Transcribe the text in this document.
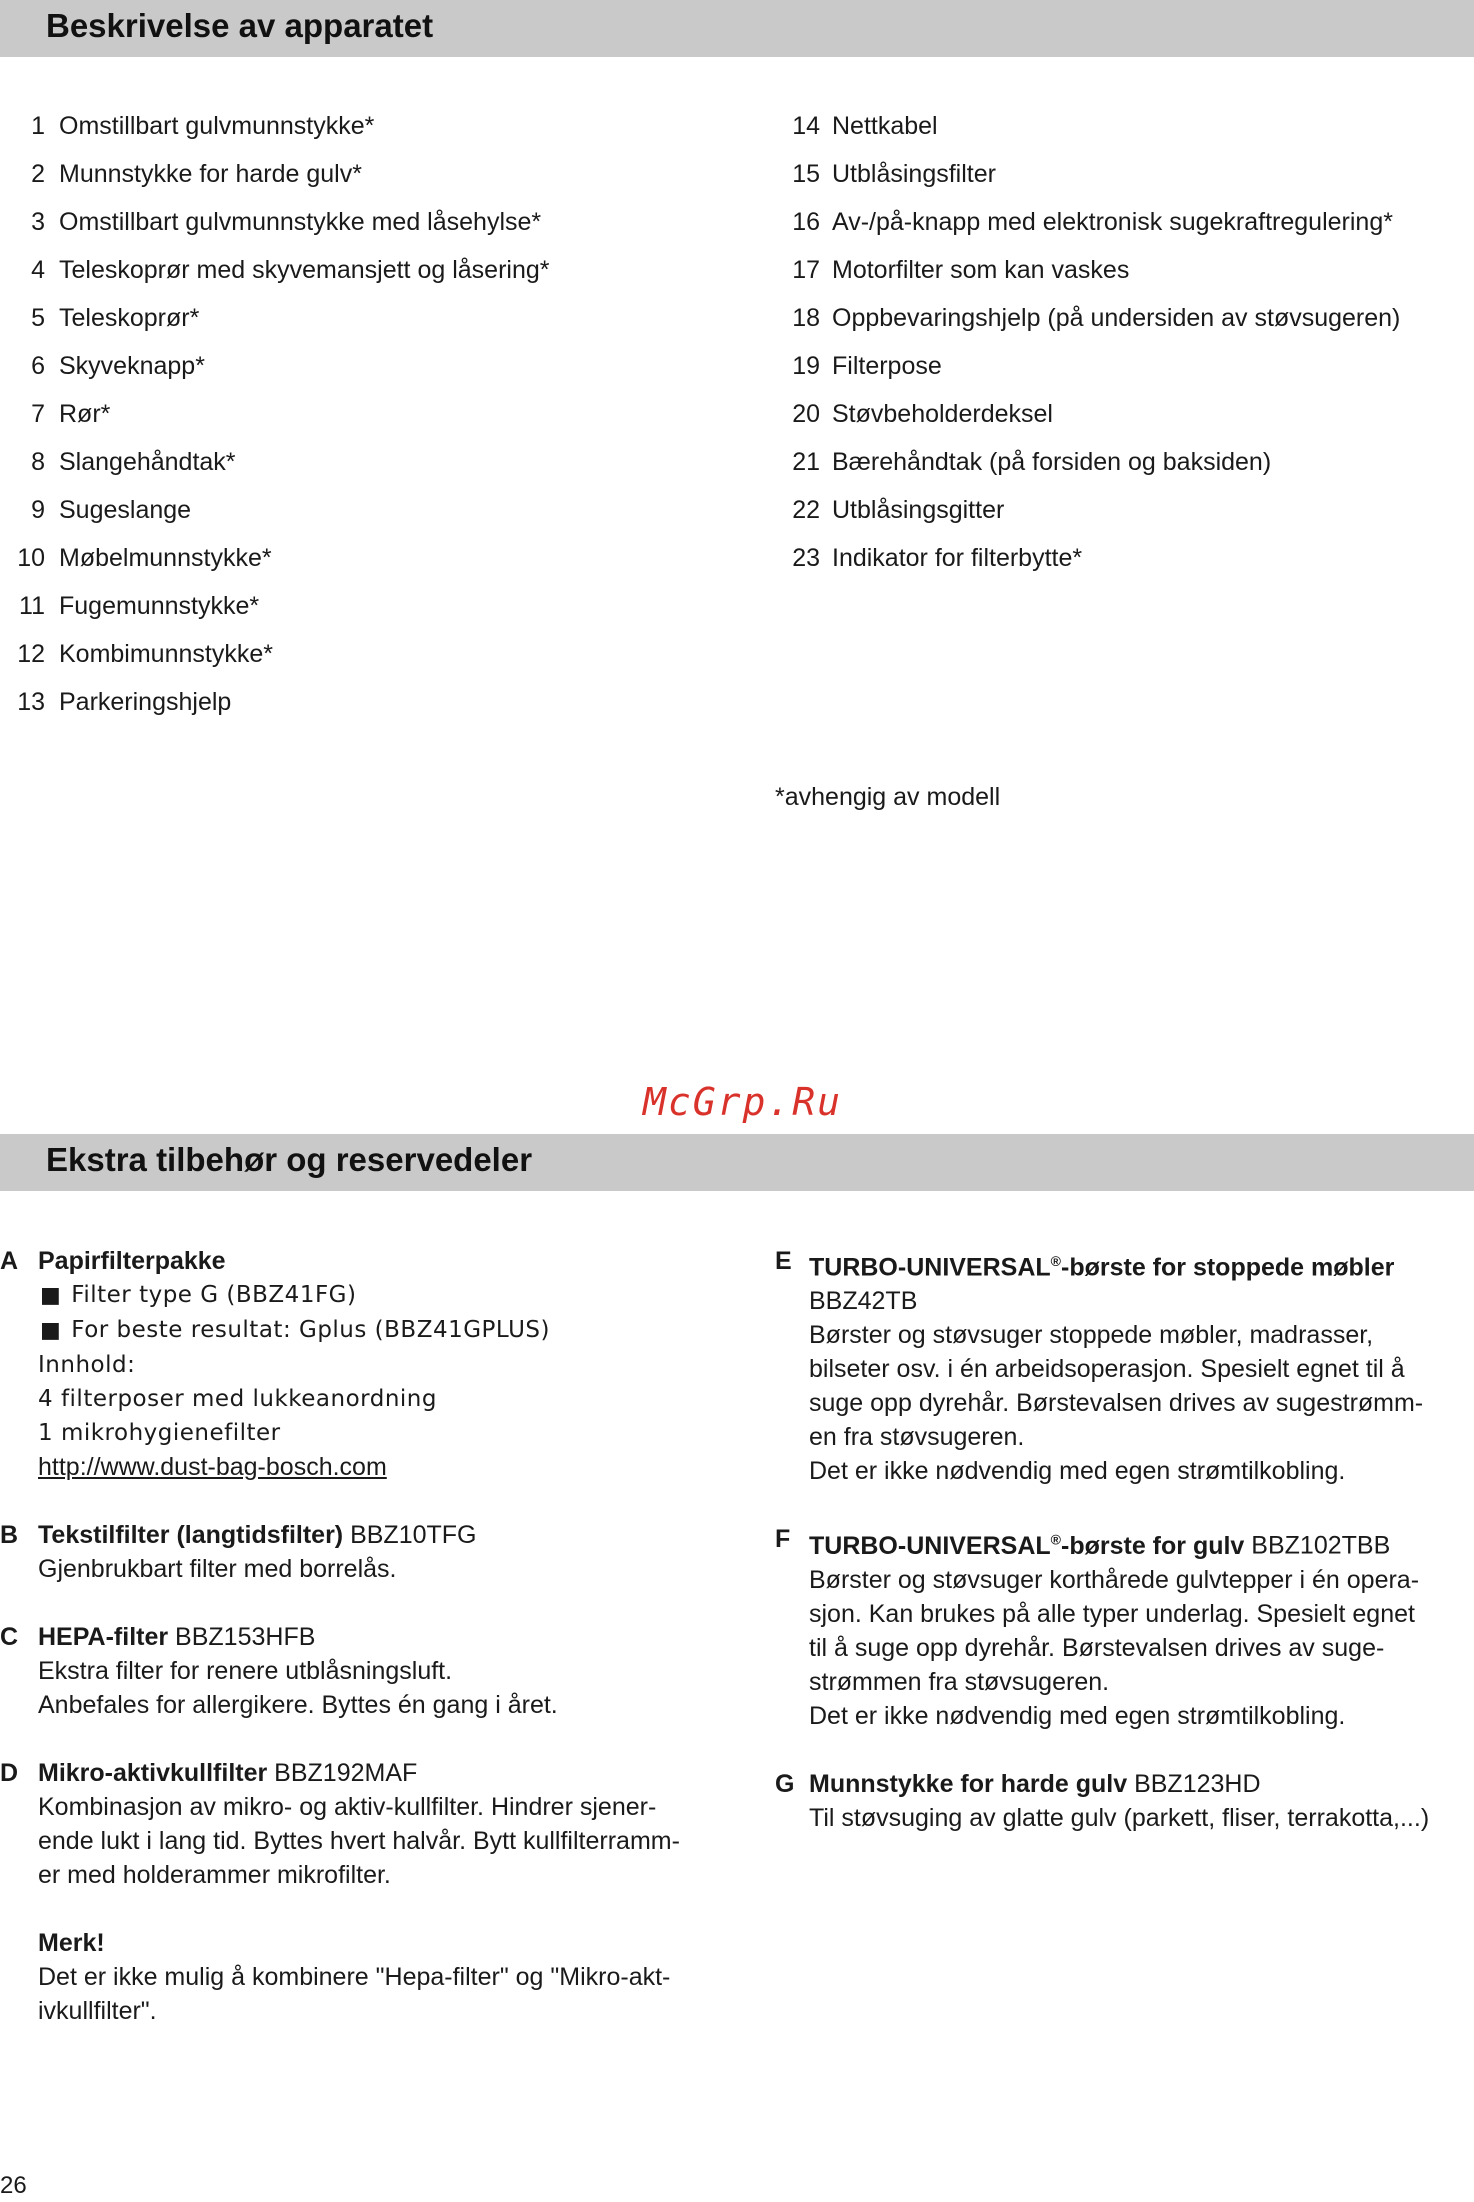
Beskrivelse av apparatet
1 Omstillbart gulvmunnstykke*
2 Munnstykke for harde gulv*
3 Omstillbart gulvmunnstykke med låsehylse*
4 Teleskoprør med skyvemansjett og låsering*
5 Teleskoprør*
6 Skyveknapp*
7 Rør*
8 Slangehåndtak*
9 Sugeslange
10 Møbelmunnstykke*
11 Fugemunnstykke*
12 Kombimunnstykke*
13 Parkeringshjelp
14 Nettkabel
15 Utblåsingsfilter
16 Av-/på-knapp med elektronisk sugekraftregulering*
17 Motorfilter som kan vaskes
18 Oppbevaringshjelp (på undersiden av støvsugeren)
19 Filterpose
20 Støvbeholderdeksel
21 Bærehåndtak (på forsiden og baksiden)
22 Utblåsingsgitter
23 Indikator for filterbytte*
*avhengig av modell
McGrp.Ru
Ekstra tilbehør og reservedeler
A Papirfilterpakke
■ Filter type G (BBZ41FG)
■ For beste resultat: Gplus (BBZ41GPLUS)
Innhold:
4 filterposer med lukkeanordning
1 mikrohygienefilter
http://www.dust-bag-bosch.com
B Tekstilfilter (langtidsfilter) BBZ10TFG
Gjenbrukbart filter med borrelås.
C HEPA-filter BBZ153HFB
Ekstra filter for renere utblåsningsluft.
Anbefales for allergikere. Byttes én gang i året.
D Mikro-aktivkullfilter BBZ192MAF
Kombinasjon av mikro- og aktiv-kullfilter. Hindrer sjener-
ende lukt i lang tid. Byttes hvert halvår. Bytt kullfilterramm-
er med holderammer mikrofilter.
Merk!
Det er ikke mulig å kombinere "Hepa-filter" og "Mikro-akt-
ivkullfilter".
E TURBO-UNIVERSAL®-børste for stoppede møbler
BBZ42TB
Børster og støvsuger stoppede møbler, madrasser,
bilseter osv. i én arbeidsoperasjon. Spesielt egnet til å
suge opp dyrehår. Børstevalsen drives av sugestrømm-
en fra støvsugeren.
Det er ikke nødvendig med egen strømtilkobling.
F TURBO-UNIVERSAL®-børste for gulv BBZ102TBB
Børster og støvsuger korthårede gulvtepper i én opera-
sjon. Kan brukes på alle typer underlag. Spesielt egnet
til å suge opp dyrehår. Børstevalsen drives av suge-
strømmen fra støvsugeren.
Det er ikke nødvendig med egen strømtilkobling.
G Munnstykke for harde gulv BBZ123HD
Til støvsuging av glatte gulv (parkett, fliser, terrakotta,...)
26
